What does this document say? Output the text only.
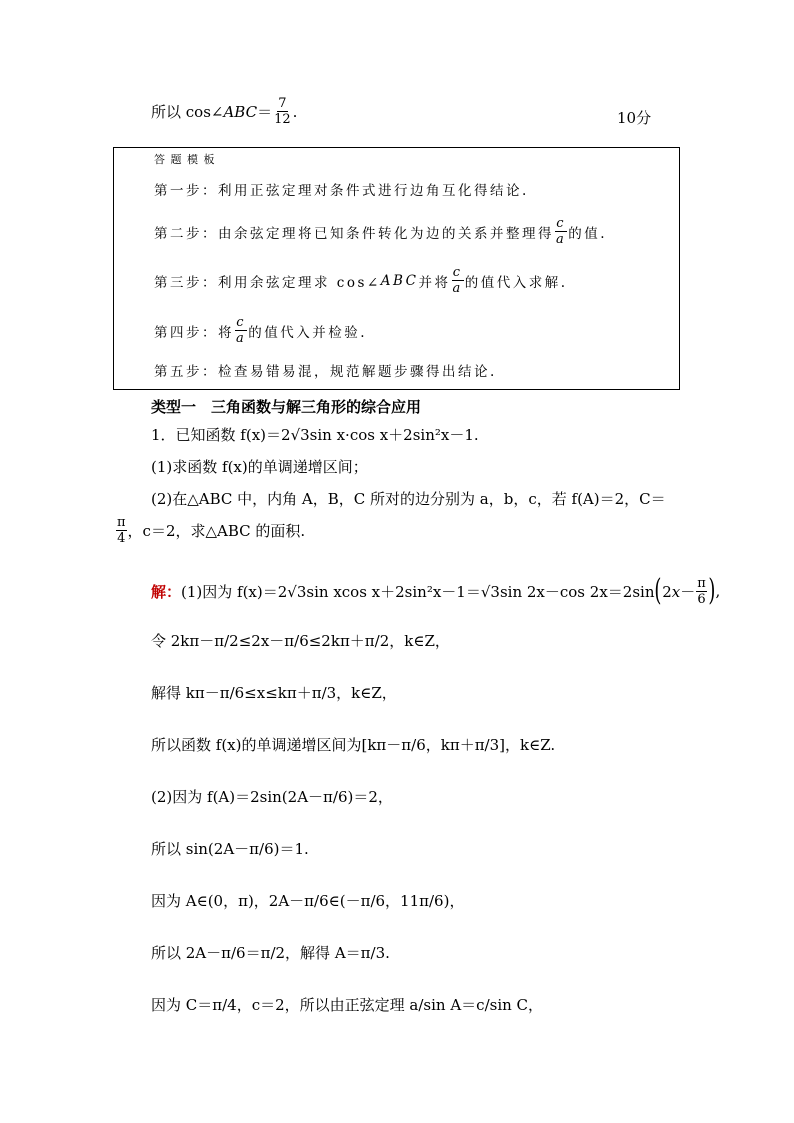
所以 cos∠ ABC ＝ $\frac{7}{12}$ .	10分
答 题 模 板
第一步：利用正弦定理对条件式进行边角互化得结论.
第二步：由余弦定理将已知条件转化为边的关系并整理得 $\frac{c}{a}$ 的值.
第三步：利用余弦定理求 cos∠ ABC 并将 $\frac{c}{a}$ 的值代入求解.
第四步：将 $\frac{c}{a}$ 的值代入并检验.
第五步：检查易错易混，规范解题步骤得出结论.
类型一　三角函数与解三角形的综合应用
1．已知函数 f(x)＝2√3sin x·cos x＋2sin²x－1.
(1)求函数 f(x)的单调递增区间；
(2)在△ABC 中，内角 A，B，C 所对的边分别为 a，b，c，若 f(A)＝2，C＝
$\frac{\pi}{4}$ ，c＝2，求△ABC 的面积.
解： (1)因为 f(x)＝2√3sin xcos x＋2sin²x－1＝√3sin 2x－cos 2x＝2sin ( $2x- \frac{\pi}{6}$ ) ,
令 2kπ－π/2≤2x－π/6≤2kπ＋π/2，k∈Z，
解得 kπ－π/6≤x≤kπ＋π/3，k∈Z，
所以函数 f(x)的单调递增区间为[kπ－π/6，kπ＋π/3]，k∈Z.
(2)因为 f(A)＝2sin(2A－π/6)＝2，
所以 sin(2A－π/6)＝1.
因为 A∈(0，π)，2A－π/6∈(－π/6，11π/6)，
所以 2A－π/6＝π/2，解得 A＝π/3.
因为 C＝π/4，c＝2，所以由正弦定理 a/sin A＝c/sin C，
